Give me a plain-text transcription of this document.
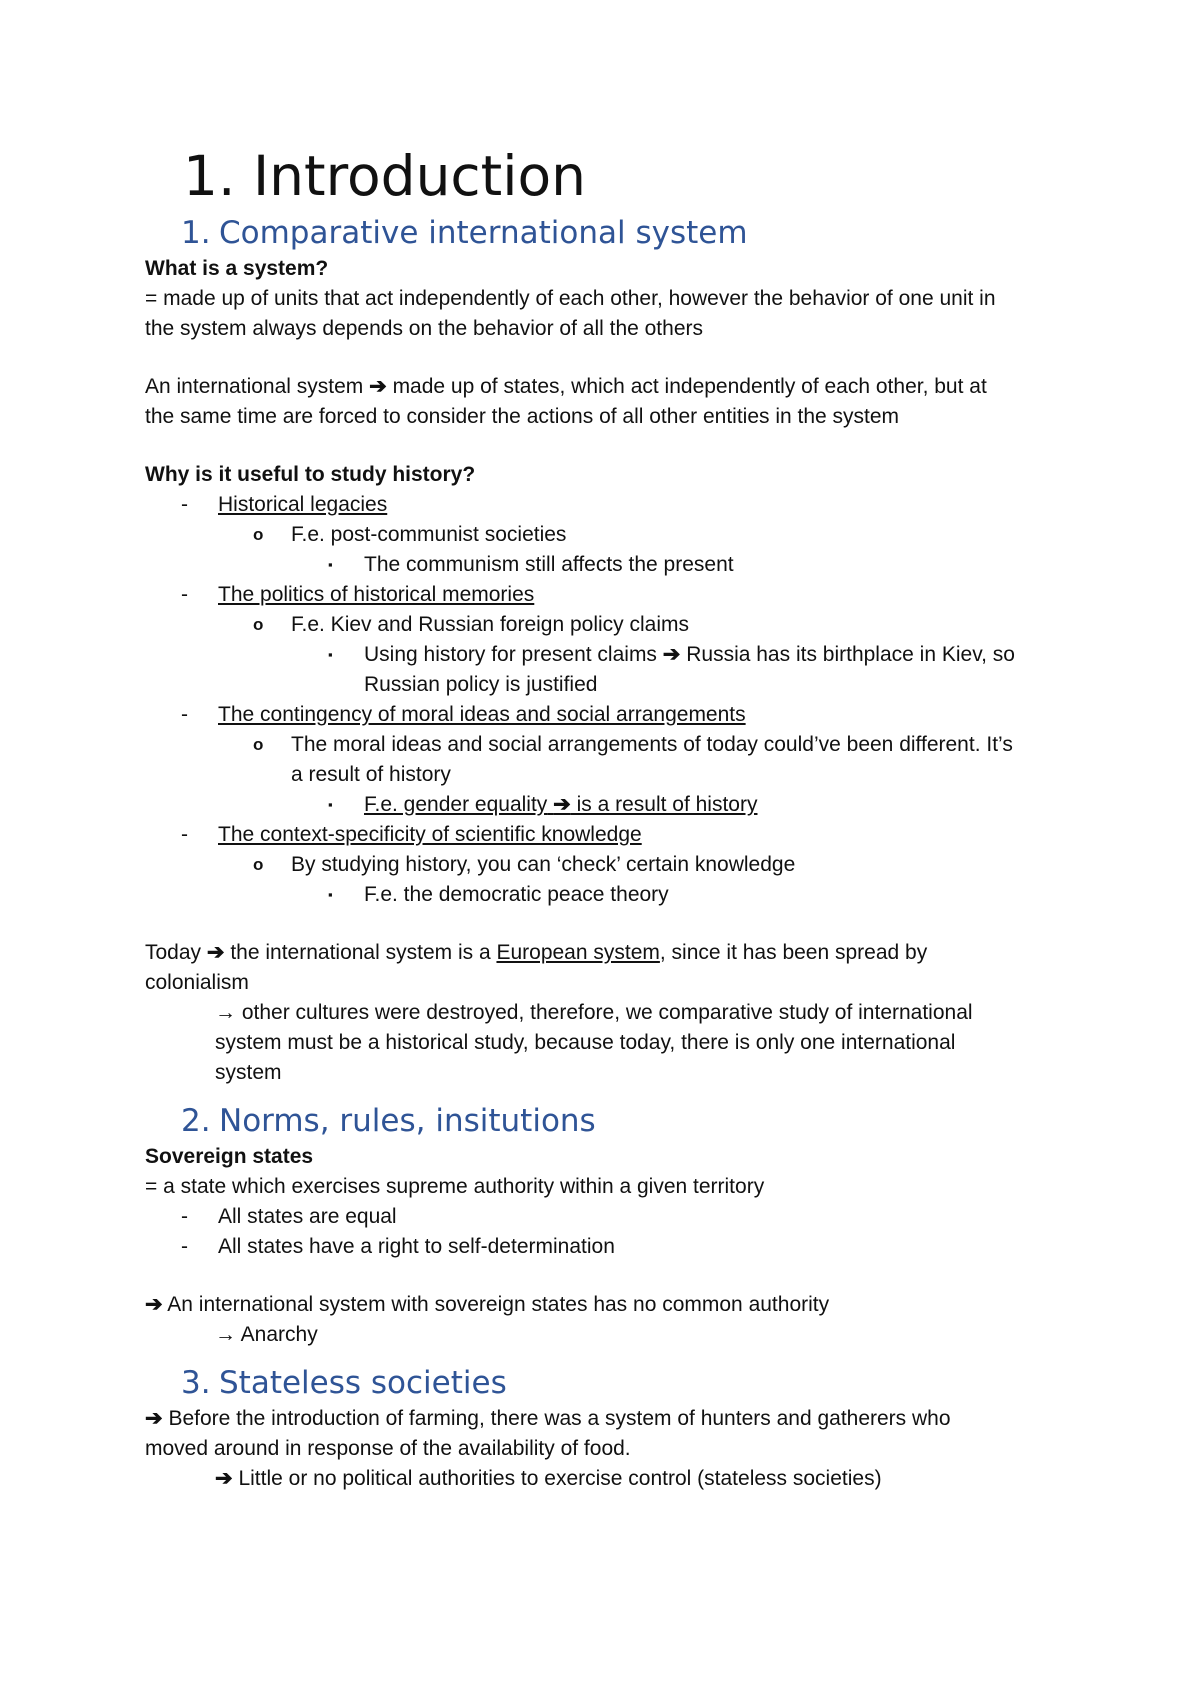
1. Introduction
1. Comparative international system
What is a system?
= made up of units that act independently of each other, however the behavior of one unit in
the system always depends on the behavior of all the others
An international system ➔ made up of states, which act independently of each other, but at
the same time are forced to consider the actions of all other entities in the system
Why is it useful to study history?
- Historical legacies
o F.e. post-communist societies
▪ The communism still affects the present
- The politics of historical memories
o F.e. Kiev and Russian foreign policy claims
▪ Using history for present claims ➔ Russia has its birthplace in Kiev, so
Russian policy is justified
- The contingency of moral ideas and social arrangements
o The moral ideas and social arrangements of today could’ve been different. It’s
a result of history
▪ F.e. gender equality ➔ is a result of history
- The context-specificity of scientific knowledge
o By studying history, you can ‘check’ certain knowledge
▪ F.e. the democratic peace theory
Today ➔ the international system is a European system, since it has been spread by
colonialism
→ other cultures were destroyed, therefore, we comparative study of international
system must be a historical study, because today, there is only one international
system
2. Norms, rules, insitutions
Sovereign states
= a state which exercises supreme authority within a given territory
- All states are equal
- All states have a right to self-determination
➔ An international system with sovereign states has no common authority
→ Anarchy
3. Stateless societies
➔ Before the introduction of farming, there was a system of hunters and gatherers who
moved around in response of the availability of food.
➔ Little or no political authorities to exercise control (stateless societies)
